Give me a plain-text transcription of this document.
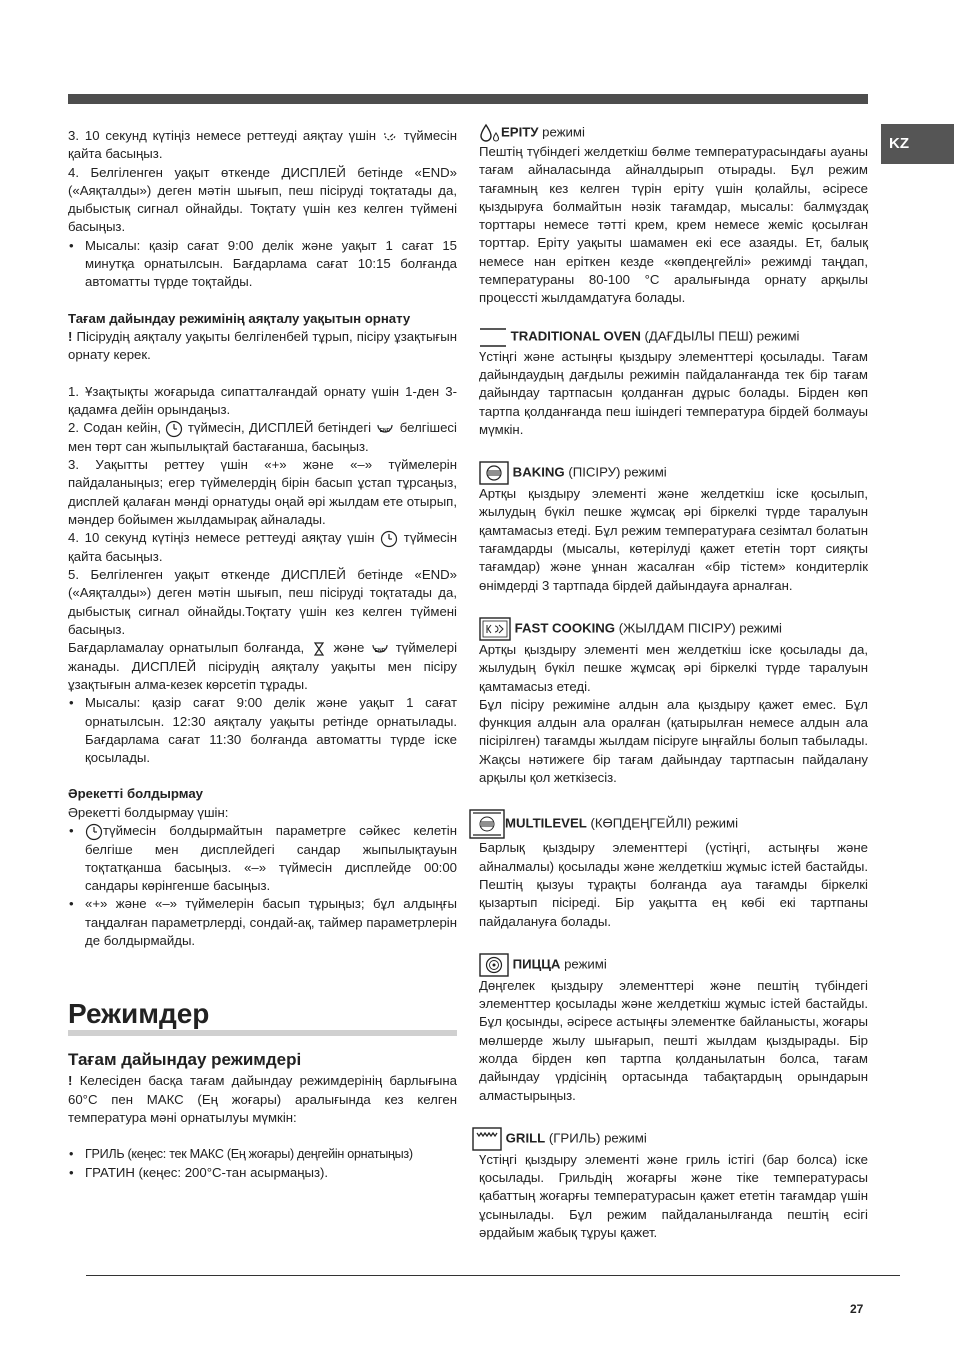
KZ

3. 10 секунд күтіңіз немесе реттеуді аяқтау үшін түймесін қайта басыңыз.

4. Белгіленген уақыт өткенде ДИСПЛЕЙ бетінде «END» («Аяқталды») деген мәтін шығып, пеш пісіруді тоқтатады да, дыбыстық сигнал ойнайды. Тоқтату үшін кез келген түймені басыңыз.

• Мысалы: қазір сағат 9:00 делік және уақыт 1 сағат 15 минутқа орнатылсын. Бағдарлама сағат 10:15 болғанда автоматты түрде тоқтайды.

Тағам дайындау режимінің аяқталу уақытын орнату

! Пісірудің аяқталу уақыты белгіленбей тұрып, пісіру ұзақтығын орнату керек.

1. Ұзақтықты жоғарыда сипатталғандай орнату үшін 1-ден 3-қадамға дейін орындаңыз.

2. Содан кейін, түймесін, ДИСПЛЕЙ бетіндегі END белгішесі мен төрт сан жыпылықтай бастағанша, басыңыз.

3. Уақытты реттеу үшін «+» және «–» түймелерін пайдаланыңыз; егер түймелердің бірін басып ұстап тұрсаңыз, дисплей қалаған мәнді орнатуды оңай әрі жылдам ете отырып, мәндер бойымен жылдамырақ айналады.

4. 10 секунд күтіңіз немесе реттеуді аяқтау үшін түймесін қайта басыңыз.

5. Белгіленген уақыт өткенде ДИСПЛЕЙ бетінде «END» («Аяқталды») деген мәтін шығып, пеш пісіруді тоқтатады да, дыбыстық сигнал ойнайды.Тоқтату үшін кез келген түймені басыңыз.

Бағдарламалау орнатылып болғанда, және END түймелері жанады. ДИСПЛЕЙ пісірудің аяқталу уақыты мен пісіру ұзақтығын алма-кезек көрсетіп тұрады.

• Мысалы: қазір сағат 9:00 делік және уақыт 1 сағат орнатылсын. 12:30 аяқталу уақыты ретінде орнатылады. Бағдарлама сағат 11:30 болғанда автоматты түрде іске қосылады.

Әрекетті болдырмау

Әрекетті болдырмау үшін:

• түймесін болдырмайтын параметрге сәйкес келетін белгіше мен дисплейдегі сандар жыпылықтауын тоқтатқанша басыңыз. «–» түймесін дисплейде 00:00 сандары көрінгенше басыңыз.

• «+» және «–» түймелерін басып тұрыңыз; бұл алдыңғы таңдалған параметрлерді, сондай-ақ, таймер параметрлерін де болдырмайды.

Режимдер
Тағам дайындау режимдері

! Келесіден басқа тағам дайындау режимдерінің барлығына 60°C пен МАКС (Ең жоғары) аралығында кез келген температура мәні орнатылуы мүмкін:

• ГРИЛЬ (кеңес: тек МАКС (Ең жоғары) деңгейін орнатыңыз)

• ГРАТИН (кеңес: 200°C-тан асырмаңыз).

ЕРІТУ режимі

Пештің түбіндегі желдеткіш бөлме температурасындағы ауаны тағам айналасында айналдырып отырады. Бұл режим тағамның кез келген түрін еріту үшін қолайлы, әсіресе қыздыруға болмайтын нәзік тағамдар, мысалы: балмұздақ торттары немесе тәтті крем, крем немесе жеміс қосылған торттар. Еріту уақыты шамамен екі есе азаяды. Ет, балық немесе нан еріткен кезде «көпдеңгейлі» режимді таңдап, температураны 80-100 °C аралығында орнату арқылы процессті жылдамдатуға болады.

TRADITIONAL OVEN (ДАҒДЫЛЫ ПЕШ) режимі

Үстіңгі және астыңғы қыздыру элементтері қосылады. Тағам дайындаудың дағдылы режимін пайдаланғанда тек бір тағам дайындау тартпасын қолданған дұрыс болады. Бірден көп тартпа қолданғанда пеш ішіндегі температура бірдей болмауы мүмкін.

BAKING (ПІСІРУ) режимі

Артқы қыздыру элементі және желдеткіш іске қосылып, жылудың бүкіл пешке жұмсақ әрі біркелкі түрде таралуын қамтамасыз етеді. Бұл режим температураға сезімтал болатын тағамдарды (мысалы, көтерілуді қажет ететін торт сияқты тағамдар) және ұннан жасалған «бір тістем» кондитерлік өнімдерді 3 тартпада бірдей дайындауға арналған.

FAST COOKING (ЖЫЛДАМ ПІСІРУ) режимі

Артқы қыздыру элементі мен желдеткіш іске қосылады да, жылудың бүкіл пешке жұмсақ әрі біркелкі түрде таралуын қамтамасыз етеді.

Бұл пісіру режиміне алдын ала қыздыру қажет емес. Бұл функция алдын ала оралған (қатырылған немесе алдын ала пісірілген) тағамды жылдам пісіруге ыңғайлы болып табылады. Жақсы нәтижеге бір тағам дайындау тартпасын пайдалану арқылы қол жеткізесіз.

MULTILEVEL (КӨПДЕҢГЕЙЛІ) режимі

Барлық қыздыру элементтері (үстіңгі, астыңғы және айналмалы) қосылады және желдеткіш жұмыс істей бастайды. Пештің қызуы тұрақты болғанда ауа тағамды біркелкі қызартып пісіреді. Бір уақытта ең көбі екі тартпаны пайдалануға болады.

ПИЦЦА режимі

Дөңгелек қыздыру элементтері және пештің түбіндегі элементтер қосылады және желдеткіш жұмыс істей бастайды. Бұл қосынды, әсіресе астыңғы элементке байланысты, жоғары мөлшерде жылу шығарып, пешті жылдам қыздырады. Бір жолда бірден көп тартпа қолданылатын болса, тағам дайындау үрдісінің ортасында табақтардың орындарын алмастырыңыз.

GRILL (ГРИЛЬ) режимі

Үстіңгі қыздыру элементі және гриль істігі (бар болса) іске қосылады. Грильдің жоғарғы және тіке температурасы қабаттың жоғарғы температурасын қажет ететін тағамдар үшін ұсынылады. Бұл режим пайдаланылғанда пештің есігі әрдайым жабық тұруы қажет.

27
